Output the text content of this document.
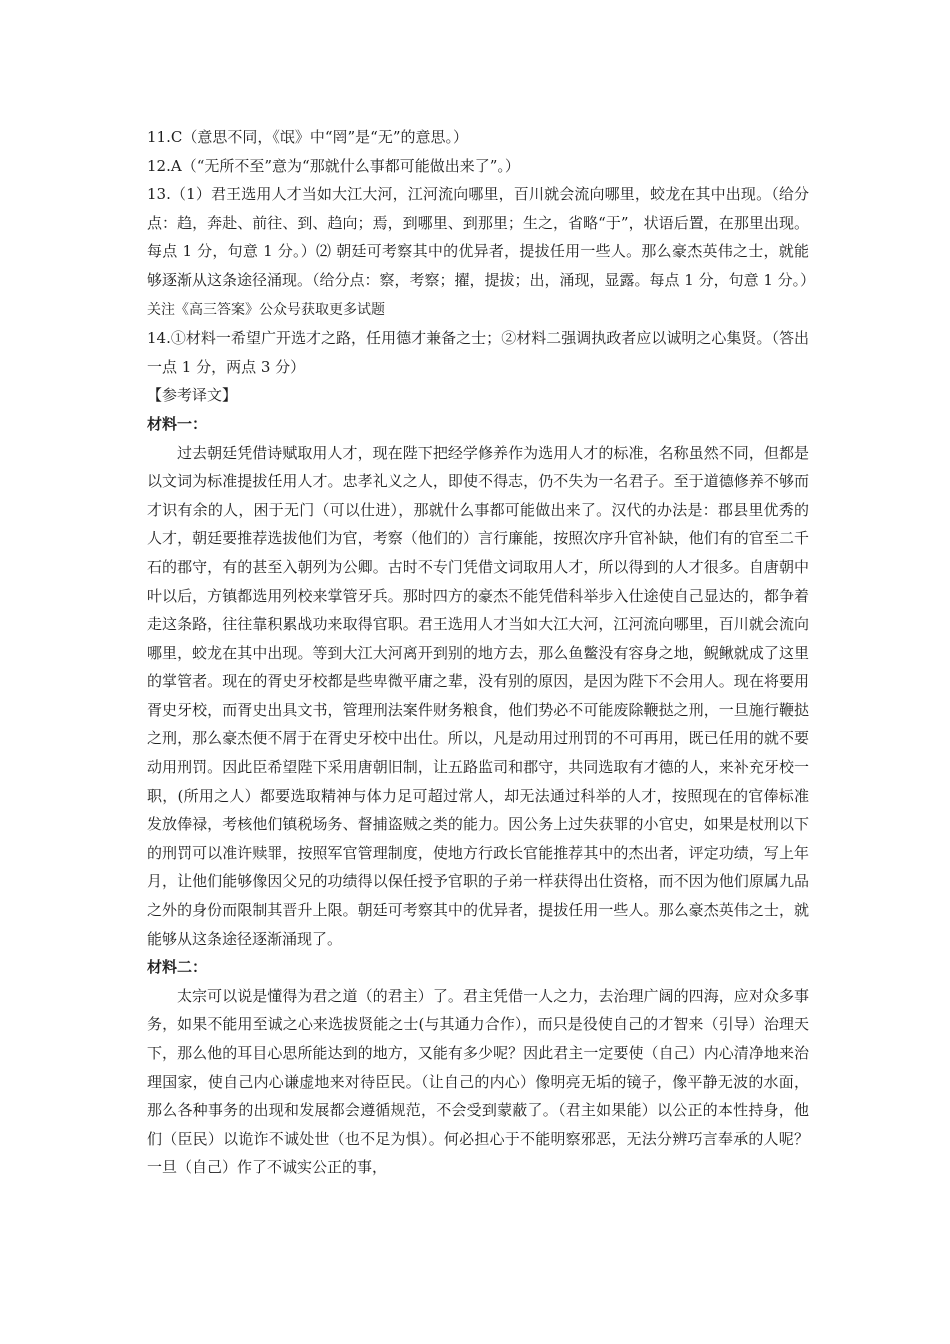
11.C（意思不同，《氓》中“罔”是“无”的意思。）

12.A（“无所不至”意为“那就什么事都可能做出来了”。）

13.（1）君王选用人才当如大江大河，江河流向哪里，百川就会流向哪里，蛟龙在其中出现。（给分点：趋，奔赴、前往、到、趋向；焉，到哪里、到那里；生之，省略“于”，状语后置，在那里出现。每点 1 分，句意 1 分。）⑵ 朝廷可考察其中的优异者，提拔任用一些人。那么豪杰英伟之士，就能够逐渐从这条途径涌现。（给分点：察，考察；擢，提拔；出，涌现，显露。每点 1 分，句意 1 分。）关注《高三答案》公众号获取更多试题

14.①材料一希望广开选才之路，任用德才兼备之士；②材料二强调执政者应以诚明之心集贤。（答出一点 1 分，两点 3 分）

【参考译文】

材料一：

过去朝廷凭借诗赋取用人才，现在陛下把经学修养作为选用人才的标准，名称虽然不同，但都是以文词为标准提拔任用人才。忠孝礼义之人，即使不得志，仍不失为一名君子。至于道德修养不够而才识有余的人，困于无门（可以仕进），那就什么事都可能做出来了。汉代的办法是：郡县里优秀的人才，朝廷要推荐选拔他们为官，考察（他们的）言行廉能，按照次序升官补缺，他们有的官至二千石的郡守，有的甚至入朝列为公卿。古时不专门凭借文词取用人才，所以得到的人才很多。自唐朝中叶以后，方镇都选用列校来掌管牙兵。那时四方的豪杰不能凭借科举步入仕途使自己显达的，都争着走这条路，往往靠积累战功来取得官职。君王选用人才当如大江大河，江河流向哪里，百川就会流向哪里，蛟龙在其中出现。等到大江大河离开到别的地方去，那么鱼鳖没有容身之地，鲵鳅就成了这里的掌管者。现在的胥史牙校都是些卑微平庸之辈，没有别的原因，是因为陛下不会用人。现在将要用胥史牙校，而胥史出具文书，管理刑法案件财务粮食，他们势必不可能废除鞭挞之刑，一旦施行鞭挞之刑，那么豪杰便不屑于在胥史牙校中出仕。所以，凡是动用过刑罚的不可再用，既已任用的就不要动用刑罚。因此臣希望陛下采用唐朝旧制，让五路监司和郡守，共同选取有才德的人，来补充牙校一职，(所用之人）都要选取精神与体力足可超过常人，却无法通过科举的人才，按照现在的官俸标准发放俸禄，考核他们镇税场务、督捕盗贼之类的能力。因公务上过失获罪的小官史，如果是杖刑以下的刑罚可以准许赎罪，按照军官管理制度，使地方行政长官能推荐其中的杰出者，评定功绩，写上年月，让他们能够像因父兄的功绩得以保任授予官职的子弟一样获得出仕资格，而不因为他们原属九品之外的身份而限制其晋升上限。朝廷可考察其中的优异者，提拔任用一些人。那么豪杰英伟之士，就能够从这条途径逐渐涌现了。

材料二：

太宗可以说是懂得为君之道（的君主）了。君主凭借一人之力，去治理广阔的四海，应对众多事务，如果不能用至诚之心来选拔贤能之士(与其通力合作），而只是役使自己的才智来（引导）治理天下，那么他的耳目心思所能达到的地方，又能有多少呢？因此君主一定要使（自己）内心清净地来治理国家，使自己内心谦虚地来对待臣民。（让自己的内心）像明亮无垢的镜子，像平静无波的水面，那么各种事务的出现和发展都会遵循规范，不会受到蒙蔽了。（君主如果能）以公正的本性持身，他们（臣民）以诡诈不诚处世（也不足为惧）。何必担心于不能明察邪恶，无法分辨巧言奉承的人呢？一旦（自己）作了不诚实公正的事，
